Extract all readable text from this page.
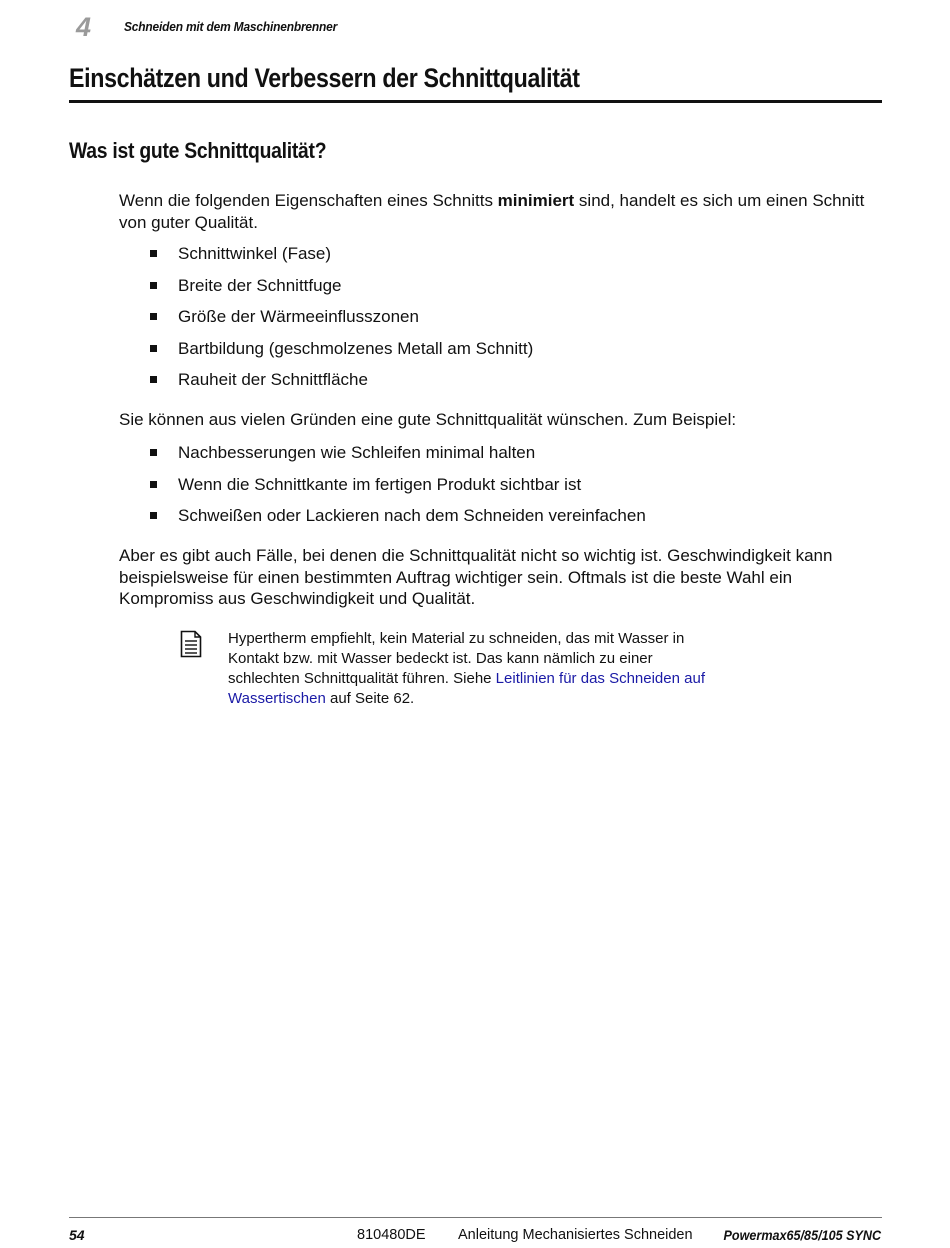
4	Schneiden mit dem Maschinenbrenner
Einschätzen und Verbessern der Schnittqualität
Was ist gute Schnittqualität?
Wenn die folgenden Eigenschaften eines Schnitts minimiert sind, handelt es sich um einen Schnitt von guter Qualität.
Schnittwinkel (Fase)
Breite der Schnittfuge
Größe der Wärmeeinflusszonen
Bartbildung (geschmolzenes Metall am Schnitt)
Rauheit der Schnittfläche
Sie können aus vielen Gründen eine gute Schnittqualität wünschen. Zum Beispiel:
Nachbesserungen wie Schleifen minimal halten
Wenn die Schnittkante im fertigen Produkt sichtbar ist
Schweißen oder Lackieren nach dem Schneiden vereinfachen
Aber es gibt auch Fälle, bei denen die Schnittqualität nicht so wichtig ist. Geschwindigkeit kann beispielsweise für einen bestimmten Auftrag wichtiger sein. Oftmals ist die beste Wahl ein Kompromiss aus Geschwindigkeit und Qualität.
Hypertherm empfiehlt, kein Material zu schneiden, das mit Wasser in
Kontakt bzw. mit Wasser bedeckt ist. Das kann nämlich zu einer
schlechten Schnittqualität führen. Siehe Leitlinien für das Schneiden auf
Wassertischen auf Seite 62.
54	810480DE Anleitung Mechanisiertes Schneiden Powermax65/85/105 SYNC
